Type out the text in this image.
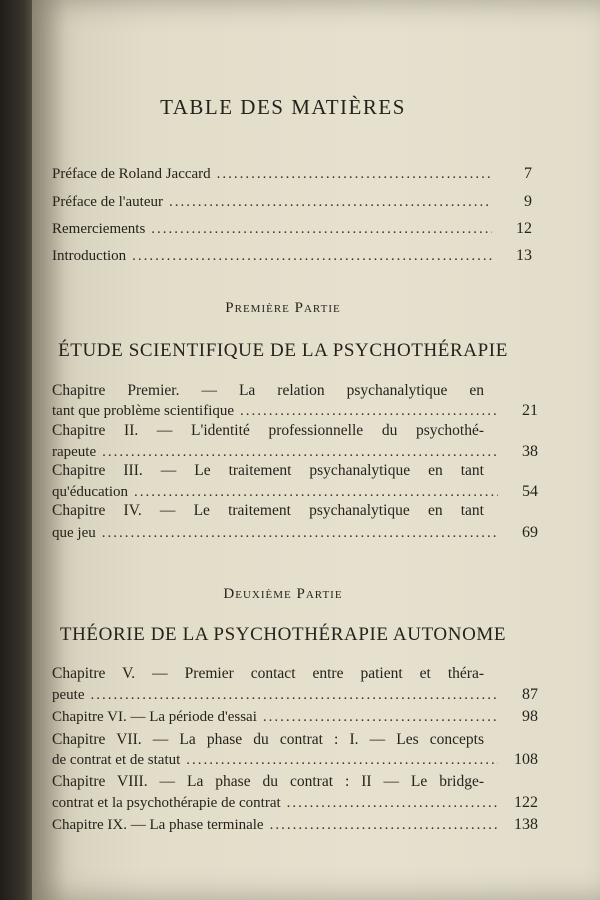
TABLE DES MATIÈRES
Préface de Roland Jaccard .....	7
Préface de l'auteur .....	9
Remerciements .....	12
Introduction .....	13
Première Partie
ÉTUDE SCIENTIFIQUE DE LA PSYCHOTHÉRAPIE
Chapitre Premier. — La relation psychanalytique en
tant que problème scientifique .....	21
Chapitre II. — L'identité professionnelle du psychothé-
rapeute .....	38
Chapitre III. — Le traitement psychanalytique en tant
qu'éducation .....	54
Chapitre IV. — Le traitement psychanalytique en tant
que jeu .....	69
Deuxième Partie
THÉORIE DE LA PSYCHOTHÉRAPIE AUTONOME
Chapitre V. — Premier contact entre patient et théra-
peute .....	87
Chapitre VI. — La période d'essai .....	98
Chapitre VII. — La phase du contrat : I. — Les concepts
de contrat et de statut .....	108
Chapitre VIII. — La phase du contrat : II — Le bridge-
contrat et la psychothérapie de contrat .....	122
Chapitre IX. — La phase terminale .....	138
